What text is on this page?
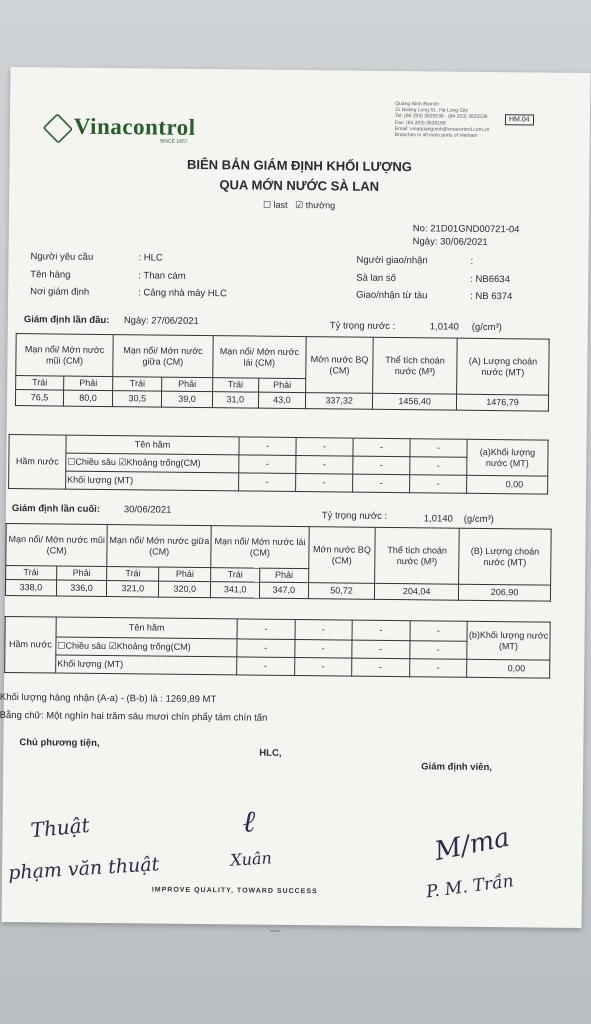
Vinacontrol
SINCE 1957
Quảng Ninh Branch
11 Hoàng Long St., Hạ Long City
Tel: (84 203) 3625536 - (84 203) 3625536
Fax: (84 203) 3626189
Email: vinaquangninh@vinacontrol.com.vn
Branches in all main ports of Vietnam
HM.04
BIÊN BẢN GIÁM ĐỊNH KHỐI LƯỢNG
QUA MỚN NƯỚC SÀ LAN
☐ last ☑ thường
No: 21D01GND00721-04
Ngày: 30/06/2021
Người yêu cầu	: HLC
Tên hàng	: Than cám
Nơi giám định	: Cảng nhà máy HLC
Người giao/nhận	:
Sà lan số	: NB6634
Giao/nhận từ tàu	: NB 6374
Giám định lần đầu: Ngày: 27/06/2021	Tỷ trọng nước :	1,0140 (g/cm³)
Mạn nổi/ Mớn nước mũi (CM)		Mạn nổi/ Mớn nước giữa (CM)		Mạn nổi/ Mớn nước lái (CM)		Mớn nước BQ (CM)	Thể tích choán nước (M³)	(A) Lượng choán nước (MT)
Trái	Phải	Trái	Phải	Trái	Phải			
76,5	80,0	30,5	39,0	31,0	43,0	337,32	1456,40	1476,79
Hầm nước	Tên hầm	-	-	-	-	(a)Khối lượng nước (MT)
	☐Chiều sâu ☑Khoảng trống(CM)	-	-	-	-	
	Khối lượng (MT)	-	-	-	-	0,00
Giám định lần cuối: 30/06/2021
Tỷ trọng nước :	1,0140 (g/cm³)
Mạn nổi/ Mớn nước mũi (CM)		Mạn nổi/ Mớn nước giữa (CM)		Mạn nổi/ Mớn nước lái (CM)		Mớn nước BQ (CM)	Thể tích choán nước (M³)	(B) Lượng choán nước (MT)
Trái	Phải	Trái	Phải	Trái	Phải			
338,0	336,0	321,0	320,0	341,0	347,0	50,72	204,04	206,90
Hầm nước	Tên hầm	-	-	-	-	(b)Khối lượng nước (MT)
	☐Chiều sâu ☑Khoảng trống(CM)	-	-	-	-	
	Khối lượng (MT)	-	-	-	-	0,00
Khối lượng hàng nhận (A-a) - (B-b) là : 1269,89 MT
Bằng chữ: Một nghìn hai trăm sáu mươi chín phẩy tám chín tấn
Chủ phương tiện,
HLC,
Giám định viên,
Thuật
phạm văn thuật
ℓ
Xuân	M/ma
P. M. Trần
IMPROVE QUALITY, TOWARD SUCCESS
